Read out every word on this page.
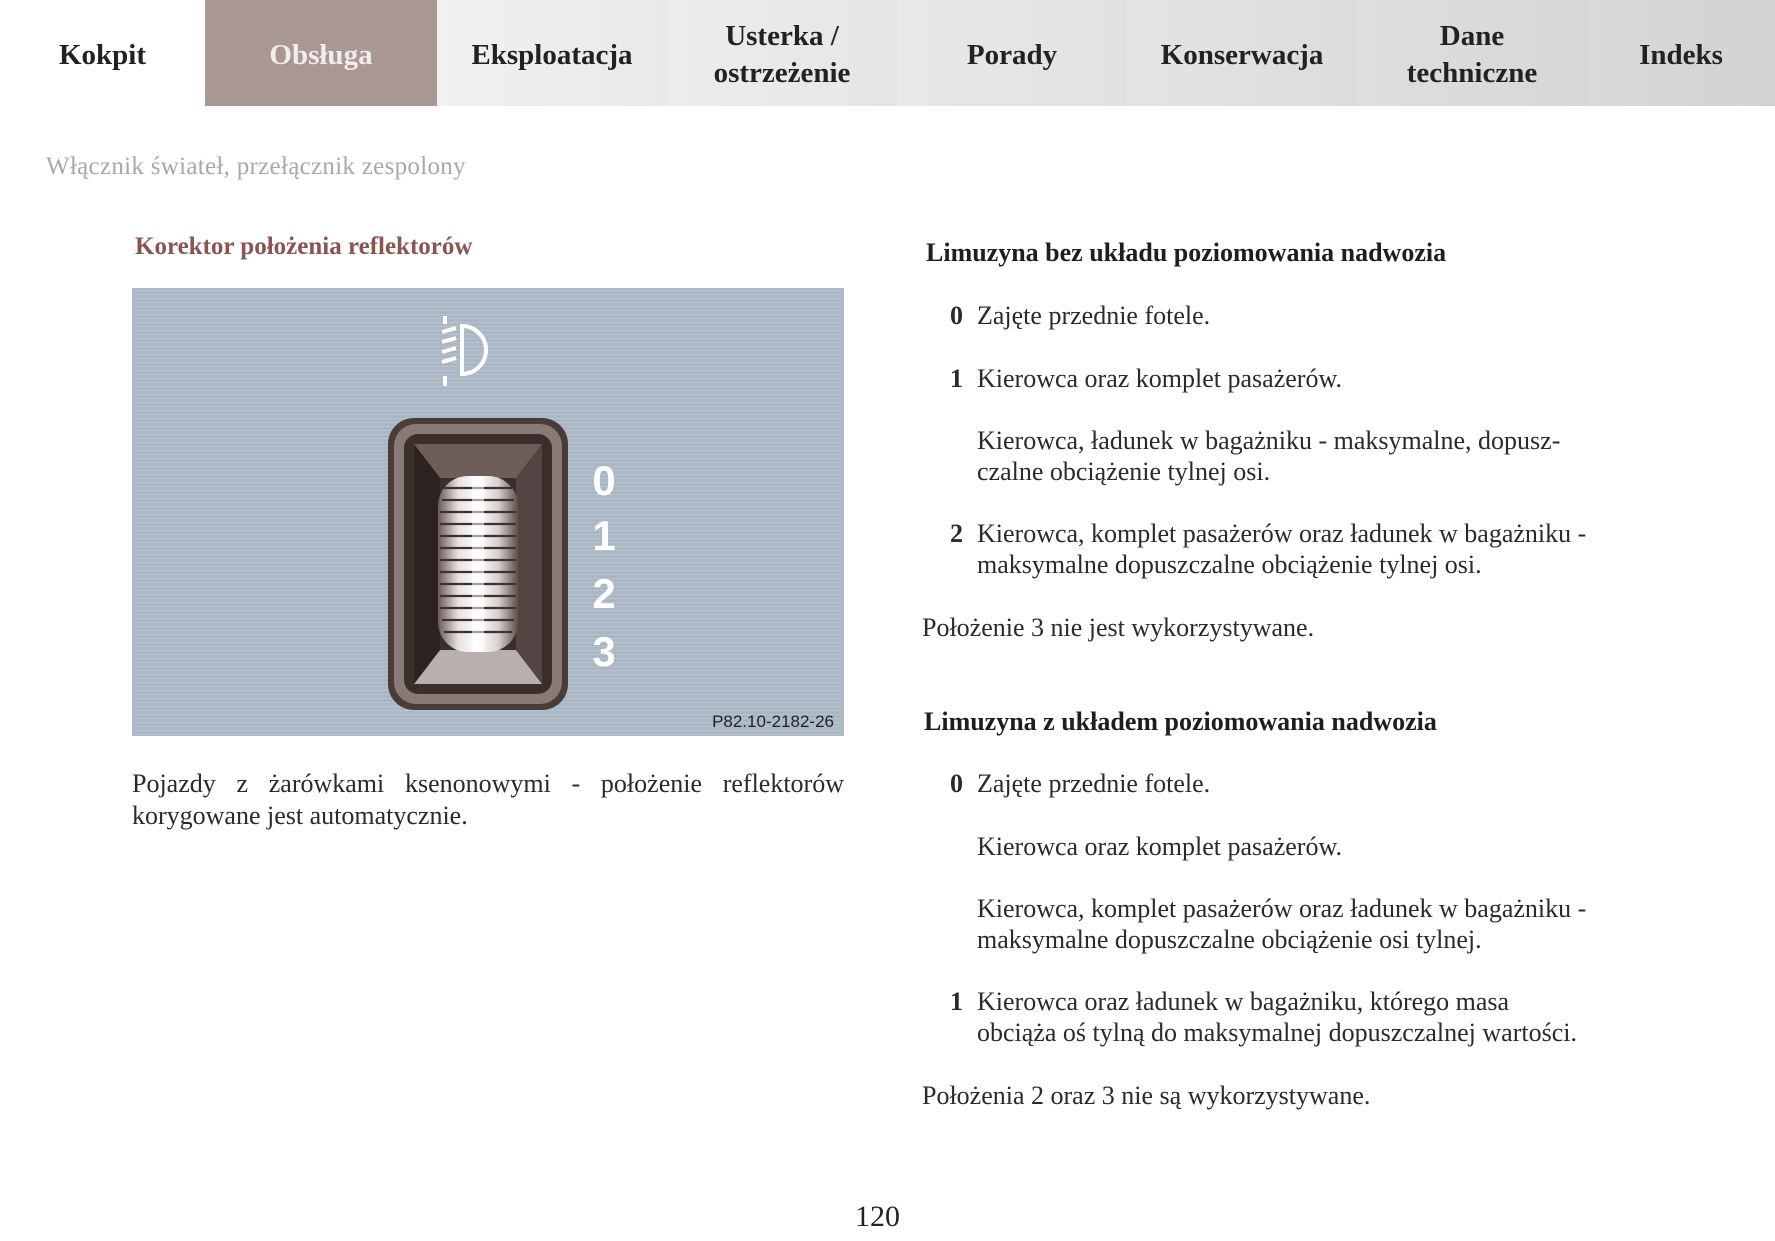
Kokpit	Obsługa	Eksploatacja
Usterka /
ostrzeżenie
Porady	Konserwacja
Dane
techniczne
Indeks
Włącznik świateł, przełącznik zespolony
Korektor położenia reflektorów
0
1
2
3
P82.10-2182-26
Pojazdy z żarówkami ksenonowymi - położenie reflektorów korygowane jest automatycznie.
Limuzyna bez układu poziomowania nadwozia
0 Zajęte przednie fotele.
1 Kierowca oraz komplet pasażerów.
Kierowca, ładunek w bagażniku - maksymalne, dopusz-
czalne obciążenie tylnej osi.
2 Kierowca, komplet pasażerów oraz ładunek w bagażniku -
maksymalne dopuszczalne obciążenie tylnej osi.
Położenie 3 nie jest wykorzystywane.
Limuzyna z układem poziomowania nadwozia
0 Zajęte przednie fotele.
Kierowca oraz komplet pasażerów.
Kierowca, komplet pasażerów oraz ładunek w bagażniku -
maksymalne dopuszczalne obciążenie osi tylnej.
1 Kierowca oraz ładunek w bagażniku, którego masa
obciąża oś tylną do maksymalnej dopuszczalnej wartości.
Położenia 2 oraz 3 nie są wykorzystywane.
120
